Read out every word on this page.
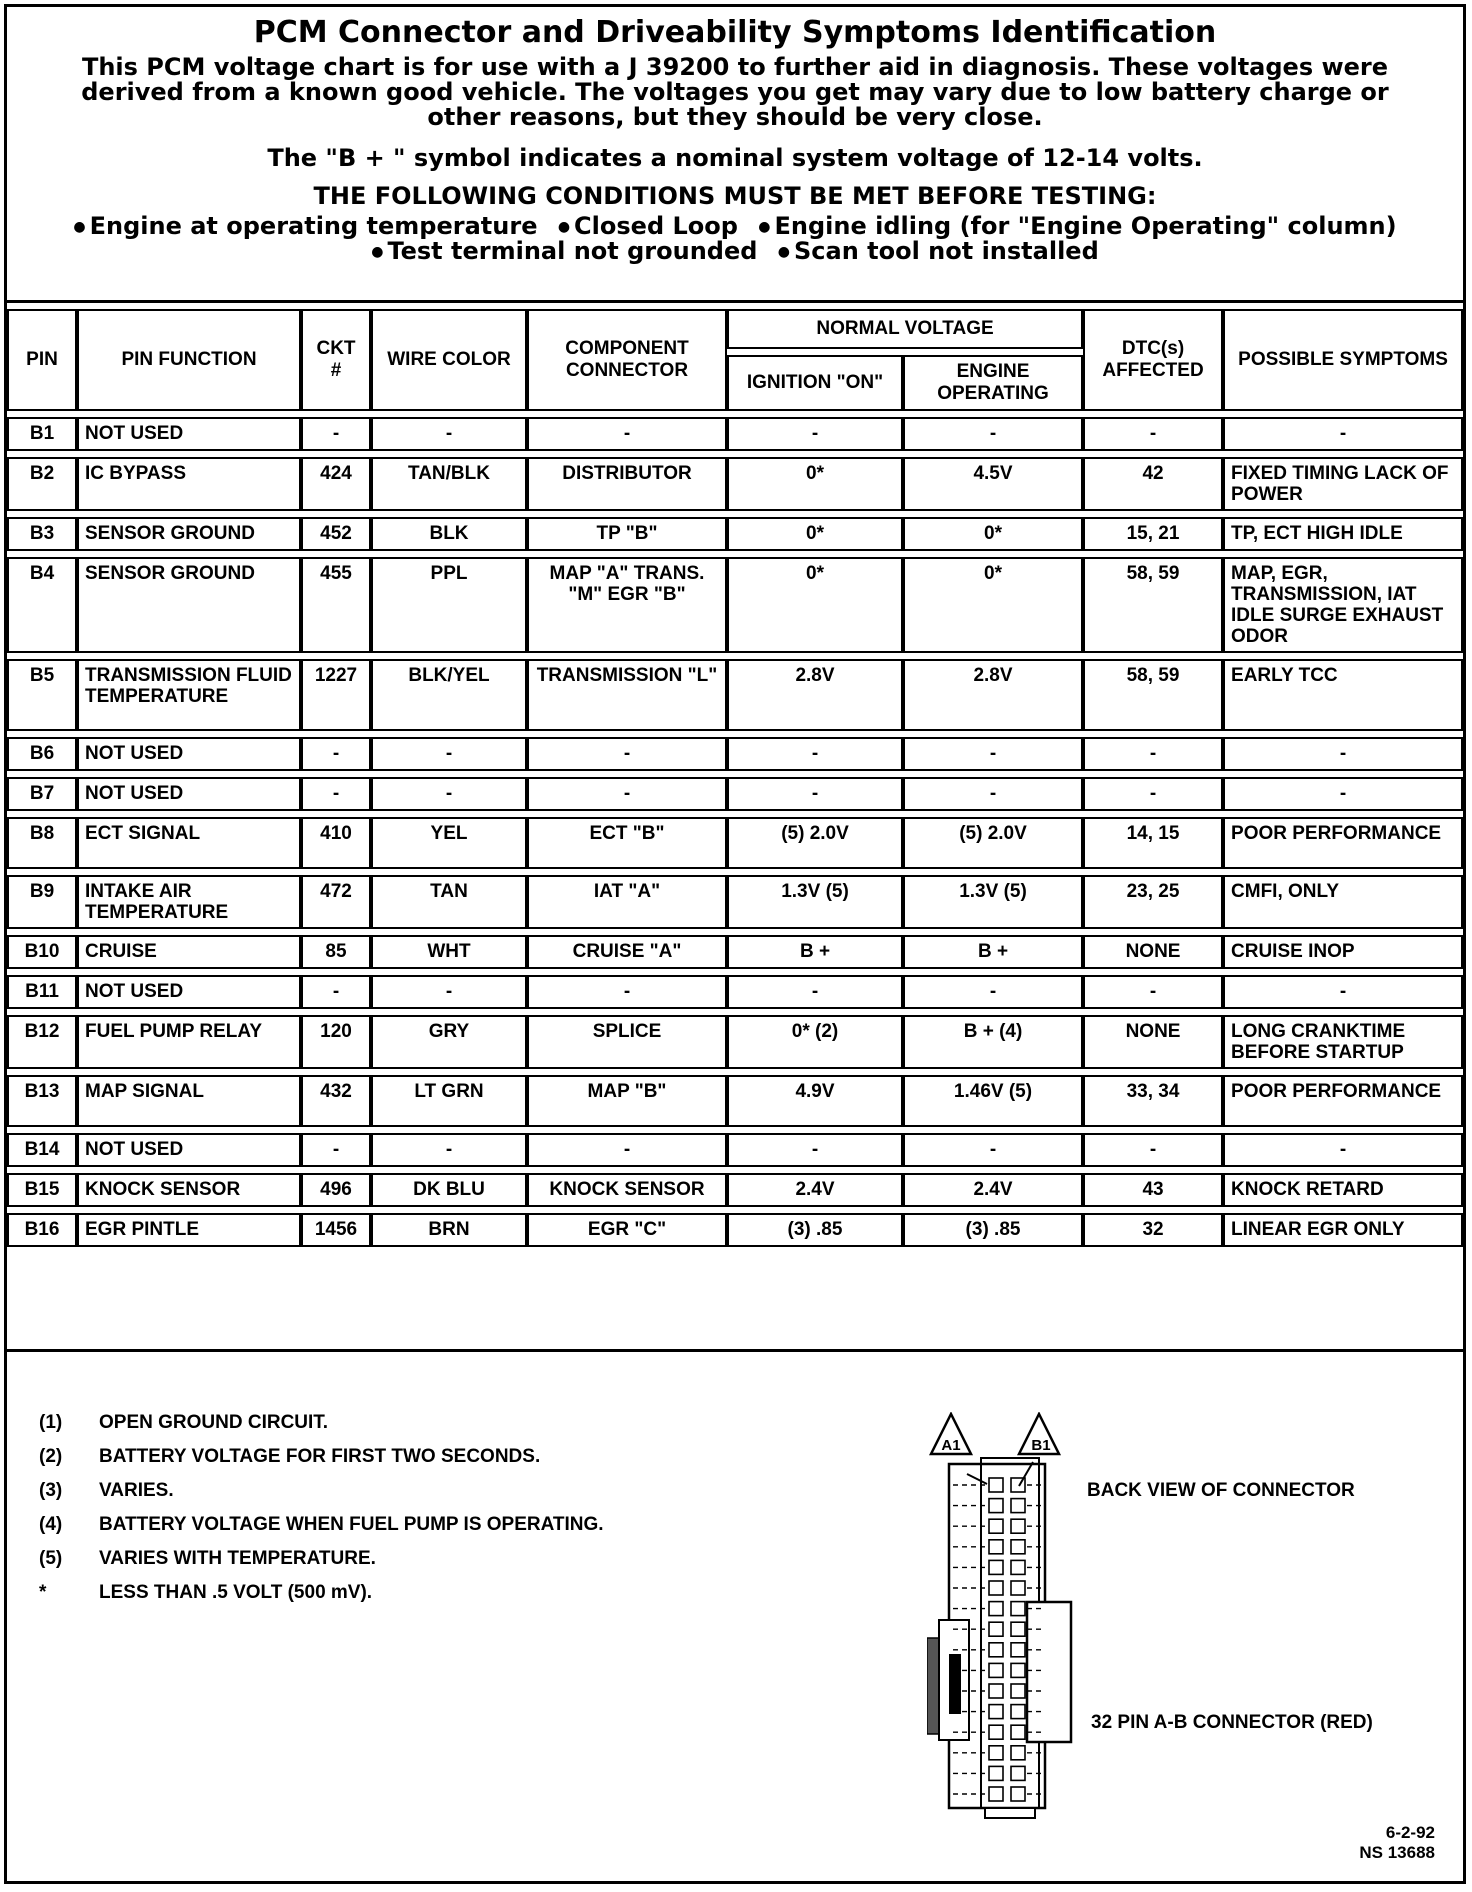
PCM Connector and Driveability Symptoms Identification
This PCM voltage chart is for use with a J 39200 to further aid in diagnosis. These voltages were derived from a known good vehicle. The voltages you get may vary due to low battery charge or other reasons, but they should be very close.
The "B + " symbol indicates a nominal system voltage of 12-14 volts.
THE FOLLOWING CONDITIONS MUST BE MET BEFORE TESTING:
● Engine at operating temperature ● Closed Loop ● Engine idling (for "Engine Operating" column)
● Test terminal not grounded ● Scan tool not installed
PIN	PIN FUNCTION	CKT #	WIRE COLOR	COMPONENT CONNECTOR	NORMAL VOLTAGE		DTC(s) AFFECTED	POSSIBLE SYMPTOMS
					IGNITION "ON"	ENGINE OPERATING		
B1	NOT USED	-	-	-	-	-	-	-
B2	IC BYPASS	424	TAN/BLK	DISTRIBUTOR	0*	4.5V	42	FIXED TIMING LACK OF POWER
B3	SENSOR GROUND	452	BLK	TP "B"	0*	0*	15, 21	TP, ECT HIGH IDLE
B4	SENSOR GROUND	455	PPL	MAP "A" TRANS. "M" EGR "B"	0*	0*	58, 59	MAP, EGR, TRANSMISSION, IAT IDLE SURGE EXHAUST ODOR
B5	TRANSMISSION FLUID TEMPERATURE	1227	BLK/YEL	TRANSMISSION "L"	2.8V	2.8V	58, 59	EARLY TCC
B6	NOT USED	-	-	-	-	-	-	-
B7	NOT USED	-	-	-	-	-	-	-
B8	ECT SIGNAL	410	YEL	ECT "B"	(5) 2.0V	(5) 2.0V	14, 15	POOR PERFORMANCE
B9	INTAKE AIR TEMPERATURE	472	TAN	IAT "A"	1.3V (5)	1.3V (5)	23, 25	CMFI, ONLY
B10	CRUISE	85	WHT	CRUISE "A"	B +	B +	NONE	CRUISE INOP
B11	NOT USED	-	-	-	-	-	-	-
B12	FUEL PUMP RELAY	120	GRY	SPLICE	0* (2)	B + (4)	NONE	LONG CRANKTIME BEFORE STARTUP
B13	MAP SIGNAL	432	LT GRN	MAP "B"	4.9V	1.46V (5)	33, 34	POOR PERFORMANCE
B14	NOT USED	-	-	-	-	-	-	-
B15	KNOCK SENSOR	496	DK BLU	KNOCK SENSOR	2.4V	2.4V	43	KNOCK RETARD
B16	EGR PINTLE	1456	BRN	EGR "C"	(3) .85	(3) .85	32	LINEAR EGR ONLY
(1)	OPEN GROUND CIRCUIT.
(2)	BATTERY VOLTAGE FOR FIRST TWO SECONDS.
(3)	VARIES.
(4)	BATTERY VOLTAGE WHEN FUEL PUMP IS OPERATING.
(5)	VARIES WITH TEMPERATURE.
*	LESS THAN .5 VOLT (500 mV).
A1	B1
BACK VIEW OF CONNECTOR
32 PIN A-B CONNECTOR (RED)
6-2-92
NS 13688
